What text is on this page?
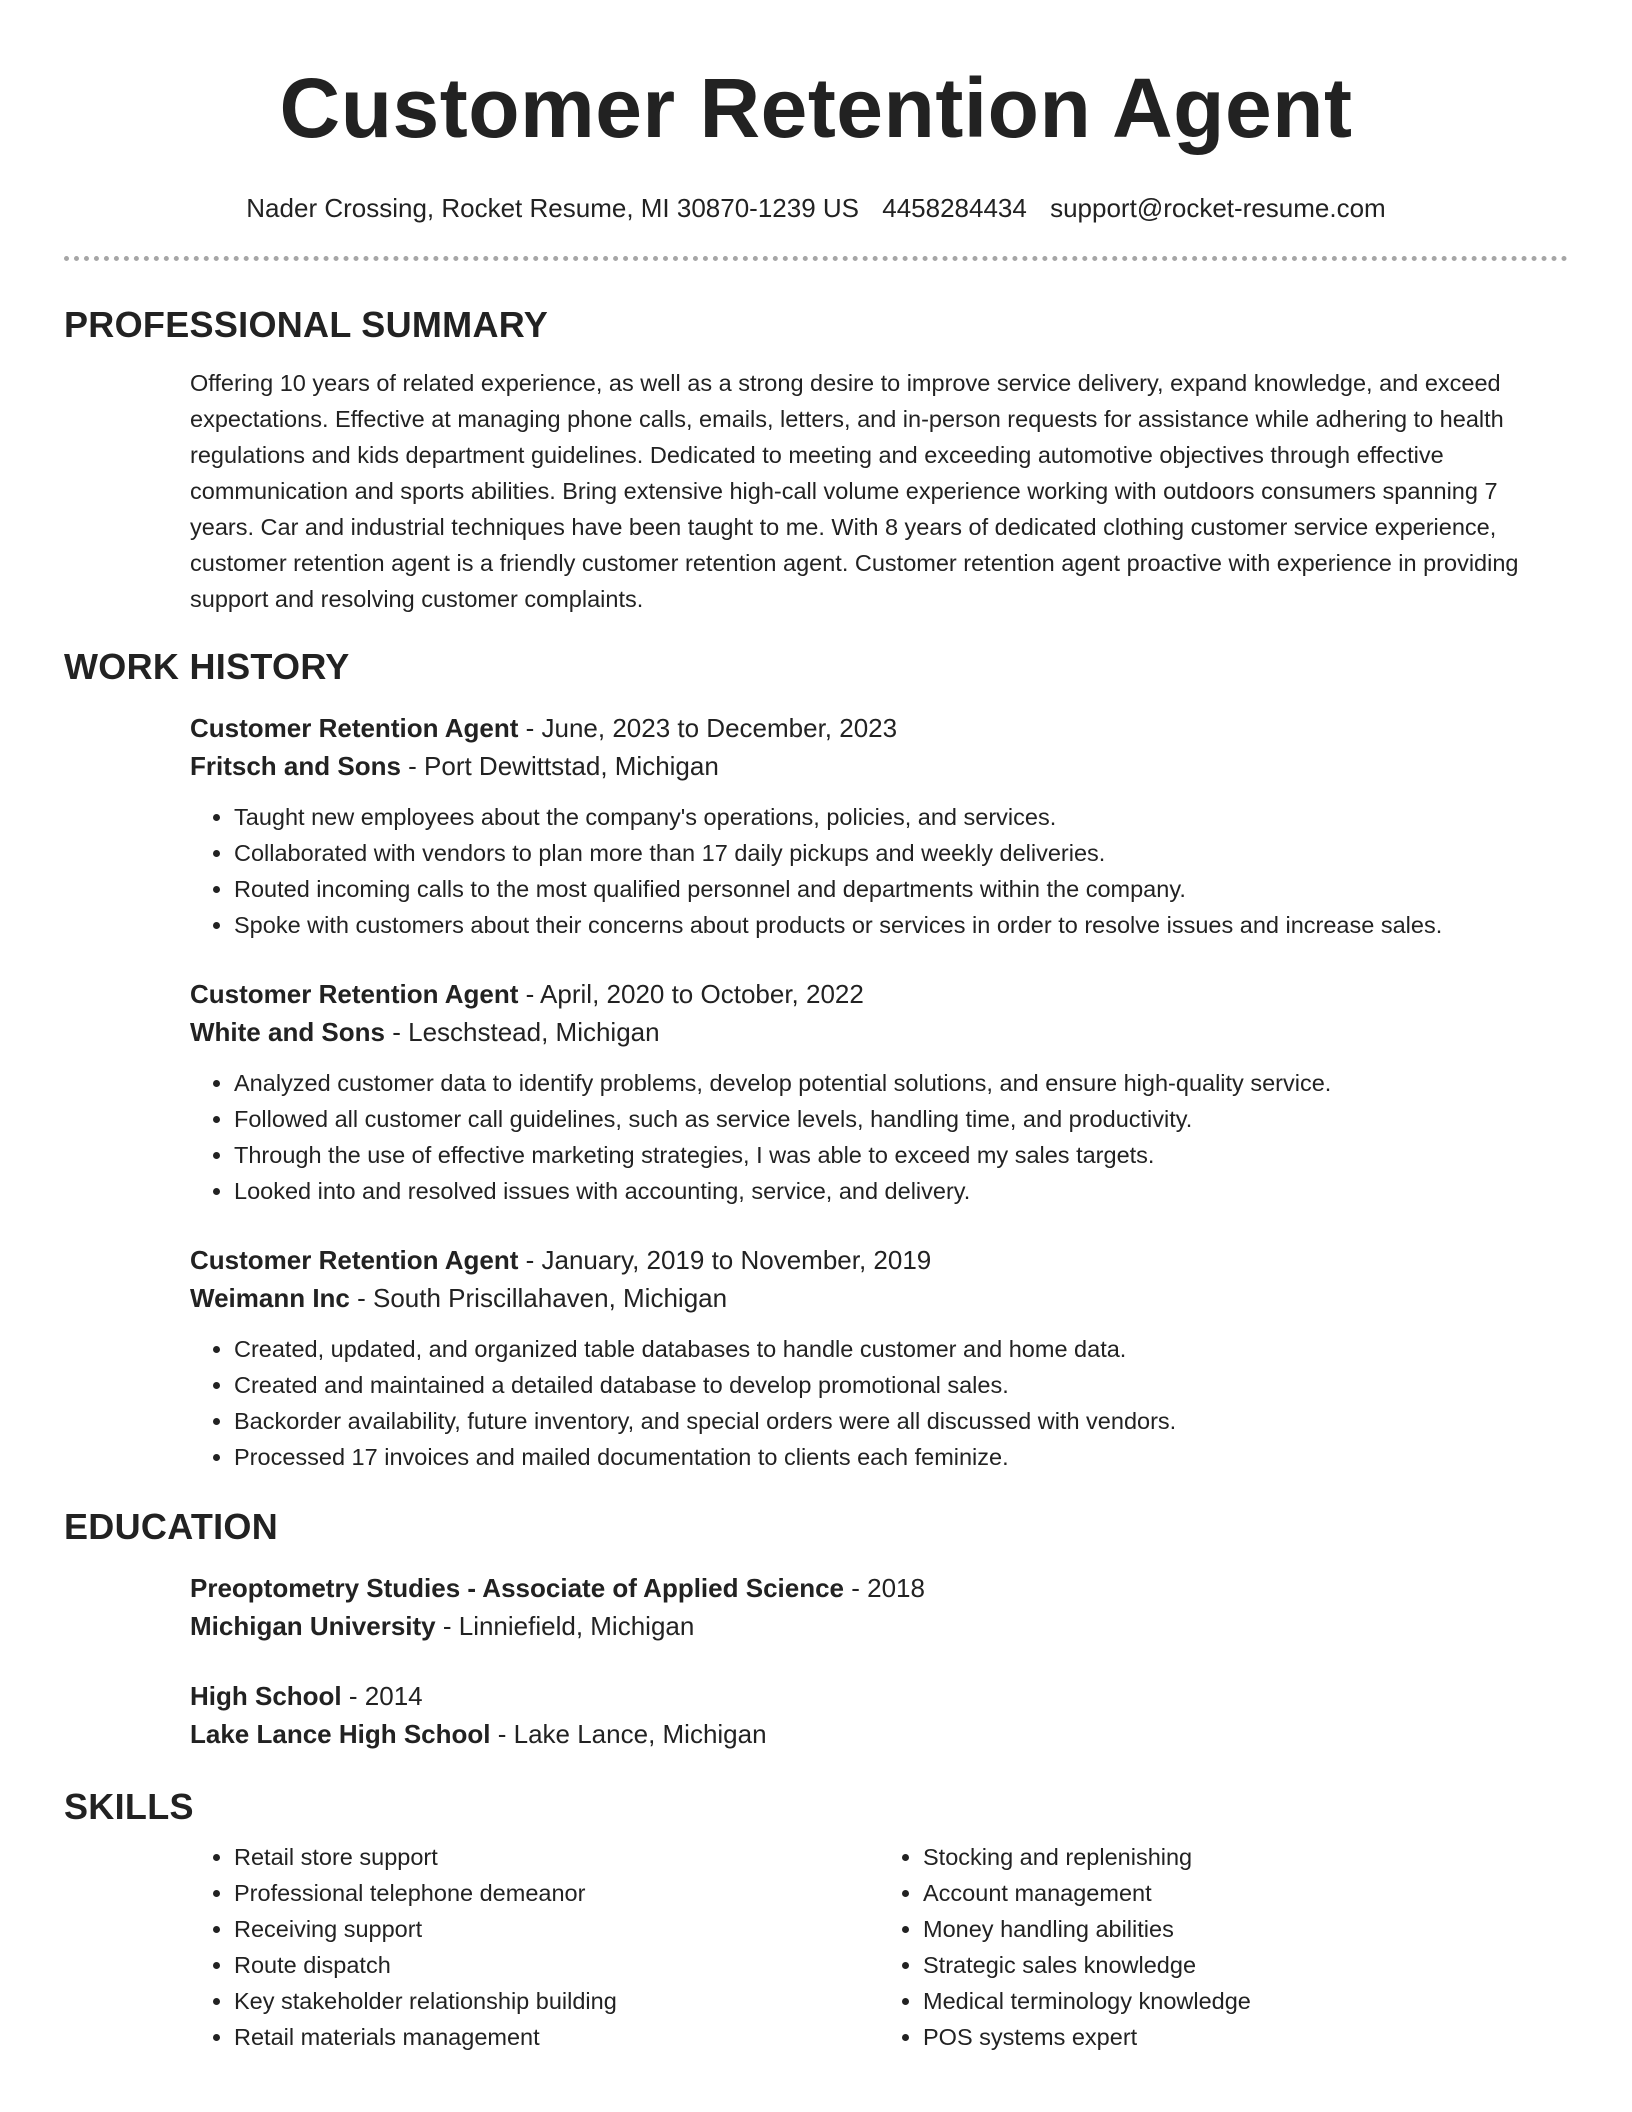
Customer Retention Agent
Nader Crossing, Rocket Resume, MI 30870-1239 US 4458284434 support@rocket-resume.com
PROFESSIONAL SUMMARY

Offering 10 years of related experience, as well as a strong desire to improve service delivery, expand knowledge, and exceed expectations. Effective at managing phone calls, emails, letters, and in-person requests for assistance while adhering to health regulations and kids department guidelines. Dedicated to meeting and exceeding automotive objectives through effective communication and sports abilities. Bring extensive high-call volume experience working with outdoors consumers spanning 7 years. Car and industrial techniques have been taught to me. With 8 years of dedicated clothing customer service experience, customer retention agent is a friendly customer retention agent. Customer retention agent proactive with experience in providing support and resolving customer complaints.

WORK HISTORY
Customer Retention Agent - June, 2023 to December, 2023
Fritsch and Sons - Port Dewittstad, Michigan
• Taught new employees about the company's operations, policies, and services.
• Collaborated with vendors to plan more than 17 daily pickups and weekly deliveries.
• Routed incoming calls to the most qualified personnel and departments within the company.
• Spoke with customers about their concerns about products or services in order to resolve issues and increase sales.
Customer Retention Agent - April, 2020 to October, 2022
White and Sons - Leschstead, Michigan
• Analyzed customer data to identify problems, develop potential solutions, and ensure high-quality service.
• Followed all customer call guidelines, such as service levels, handling time, and productivity.
• Through the use of effective marketing strategies, I was able to exceed my sales targets.
• Looked into and resolved issues with accounting, service, and delivery.
Customer Retention Agent - January, 2019 to November, 2019
Weimann Inc - South Priscillahaven, Michigan
• Created, updated, and organized table databases to handle customer and home data.
• Created and maintained a detailed database to develop promotional sales.
• Backorder availability, future inventory, and special orders were all discussed with vendors.
• Processed 17 invoices and mailed documentation to clients each feminize.
EDUCATION
Preoptometry Studies - Associate of Applied Science - 2018
Michigan University - Linniefield, Michigan
High School - 2014
Lake Lance High School - Lake Lance, Michigan
SKILLS
• Retail store support
• Professional telephone demeanor
• Receiving support
• Route dispatch
• Key stakeholder relationship building
• Retail materials management
• Stocking and replenishing
• Account management
• Money handling abilities
• Strategic sales knowledge
• Medical terminology knowledge
• POS systems expert
